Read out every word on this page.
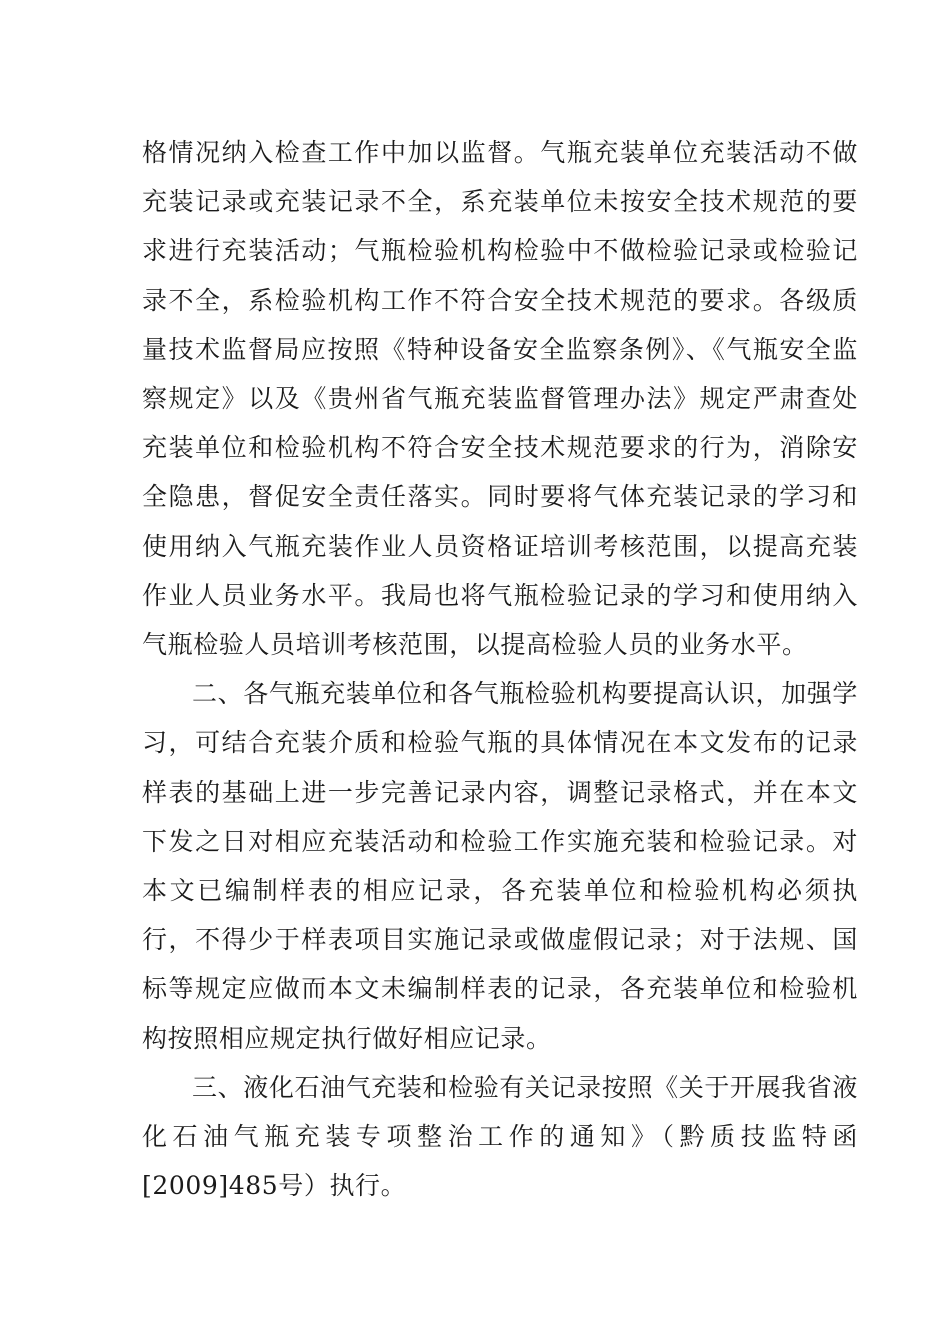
格情况纳入检查工作中加以监督。气瓶充装单位充装活动不做充装记录或充装记录不全，系充装单位未按安全技术规范的要求进行充装活动；气瓶检验机构检验中不做检验记录或检验记录不全，系检验机构工作不符合安全技术规范的要求。各级质量技术监督局应按照《特种设备安全监察条例》、《气瓶安全监察规定》以及《贵州省气瓶充装监督管理办法》规定严肃查处充装单位和检验机构不符合安全技术规范要求的行为，消除安全隐患，督促安全责任落实。同时要将气体充装记录的学习和使用纳入气瓶充装作业人员资格证培训考核范围，以提高充装作业人员业务水平。我局也将气瓶检验记录的学习和使用纳入气瓶检验人员培训考核范围，以提高检验人员的业务水平。

二、各气瓶充装单位和各气瓶检验机构要提高认识，加强学习，可结合充装介质和检验气瓶的具体情况在本文发布的记录样表的基础上进一步完善记录内容，调整记录格式，并在本文下发之日对相应充装活动和检验工作实施充装和检验记录。对本文已编制样表的相应记录，各充装单位和检验机构必须执行，不得少于样表项目实施记录或做虚假记录；对于法规、国标等规定应做而本文未编制样表的记录，各充装单位和检验机构按照相应规定执行做好相应记录。

三、液化石油气充装和检验有关记录按照《关于开展我省液化石油气瓶充装专项整治工作的通知》（黔质技监特函[2009]485号）执行。
